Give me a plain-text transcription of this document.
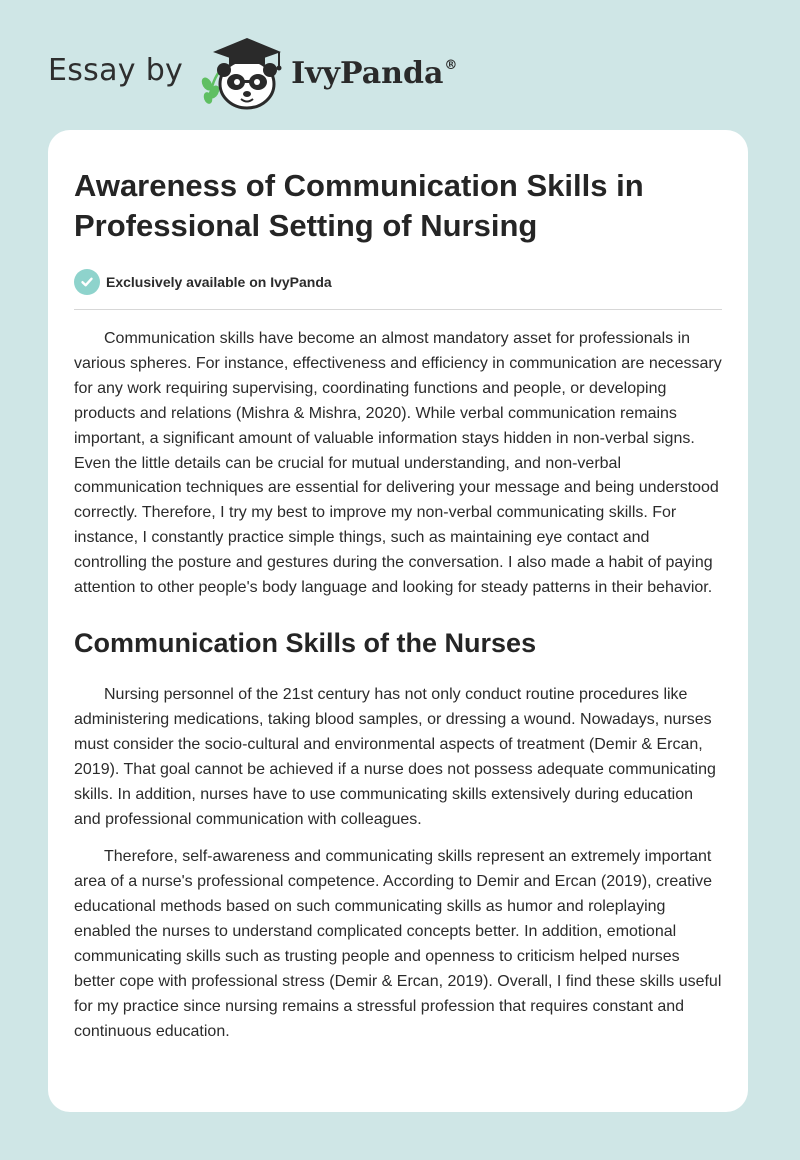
Essay by	IvyPanda®
Awareness of Communication Skills in Professional Setting of Nursing
Exclusively available on IvyPanda

Communication skills have become an almost mandatory asset for professionals in various spheres. For instance, effectiveness and efficiency in communication are necessary for any work requiring supervising, coordinating functions and people, or developing products and relations (Mishra & Mishra, 2020). While verbal communication remains important, a significant amount of valuable information stays hidden in non-verbal signs. Even the little details can be crucial for mutual understanding, and non-verbal communication techniques are essential for delivering your message and being understood correctly. Therefore, I try my best to improve my non-verbal communicating skills. For instance, I constantly practice simple things, such as maintaining eye contact and controlling the posture and gestures during the conversation. I also made a habit of paying attention to other people's body language and looking for steady patterns in their behavior.

Communication Skills of the Nurses

Nursing personnel of the 21st century has not only conduct routine procedures like administering medications, taking blood samples, or dressing a wound. Nowadays, nurses must consider the socio-cultural and environmental aspects of treatment (Demir & Ercan, 2019). That goal cannot be achieved if a nurse does not possess adequate communicating skills. In addition, nurses have to use communicating skills extensively during education and professional communication with colleagues.

Therefore, self-awareness and communicating skills represent an extremely important area of a nurse's professional competence. According to Demir and Ercan (2019), creative educational methods based on such communicating skills as humor and roleplaying enabled the nurses to understand complicated concepts better. In addition, emotional communicating skills such as trusting people and openness to criticism helped nurses better cope with professional stress (Demir & Ercan, 2019). Overall, I find these skills useful for my practice since nursing remains a stressful profession that requires constant and continuous education.
